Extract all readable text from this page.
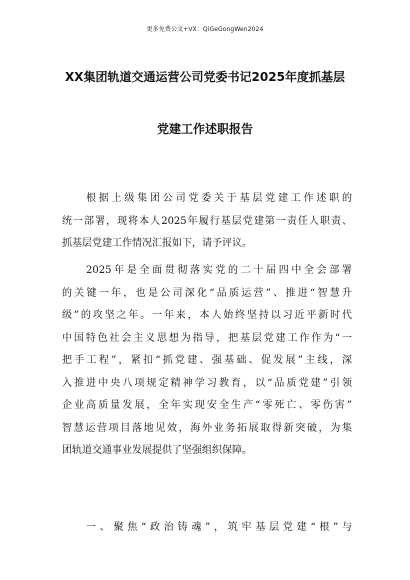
更多免费公文+VX：QiGeGongWen2024
XX集团轨道交通运营公司党委书记2025年度抓基层
党建工作述职报告
根据上级集团公司党委关于基层党建工作述职的
统一部署，现将本人2025年履行基层党建第一责任人职责、
抓基层党建工作情况汇报如下，请予评议。
2025年是全面贯彻落实党的二十届四中全会部署
的关键一年，也是公司深化“品质运营”、推进“智慧升
级”的攻坚之年。一年来，本人始终坚持以习近平新时代
中国特色社会主义思想为指导，把基层党建工作作为“一
把手工程”，紧扣“抓党建、强基础、促发展”主线，深
入推进中央八项规定精神学习教育，以“品质党建”引领
企业高质量发展，全年实现安全生产“零死亡、零伤害”
智慧运营项目落地见效，海外业务拓展取得新突破，为集
团轨道交通事业发展提供了坚强组织保障。
一、聚焦“政治铸魂”，筑牢基层党建“根”与
